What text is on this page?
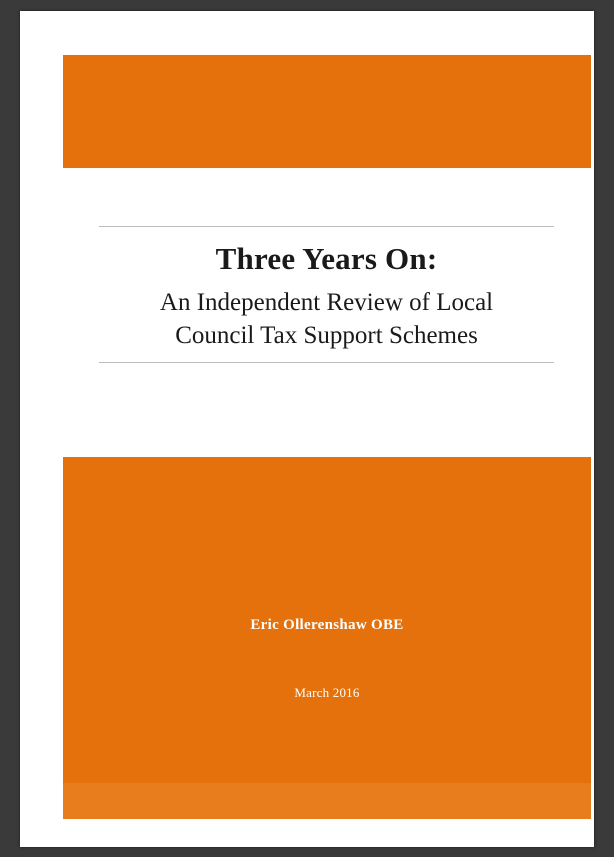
Three Years On:
An Independent Review of Local
Council Tax Support Schemes
Eric Ollerenshaw OBE
March 2016
